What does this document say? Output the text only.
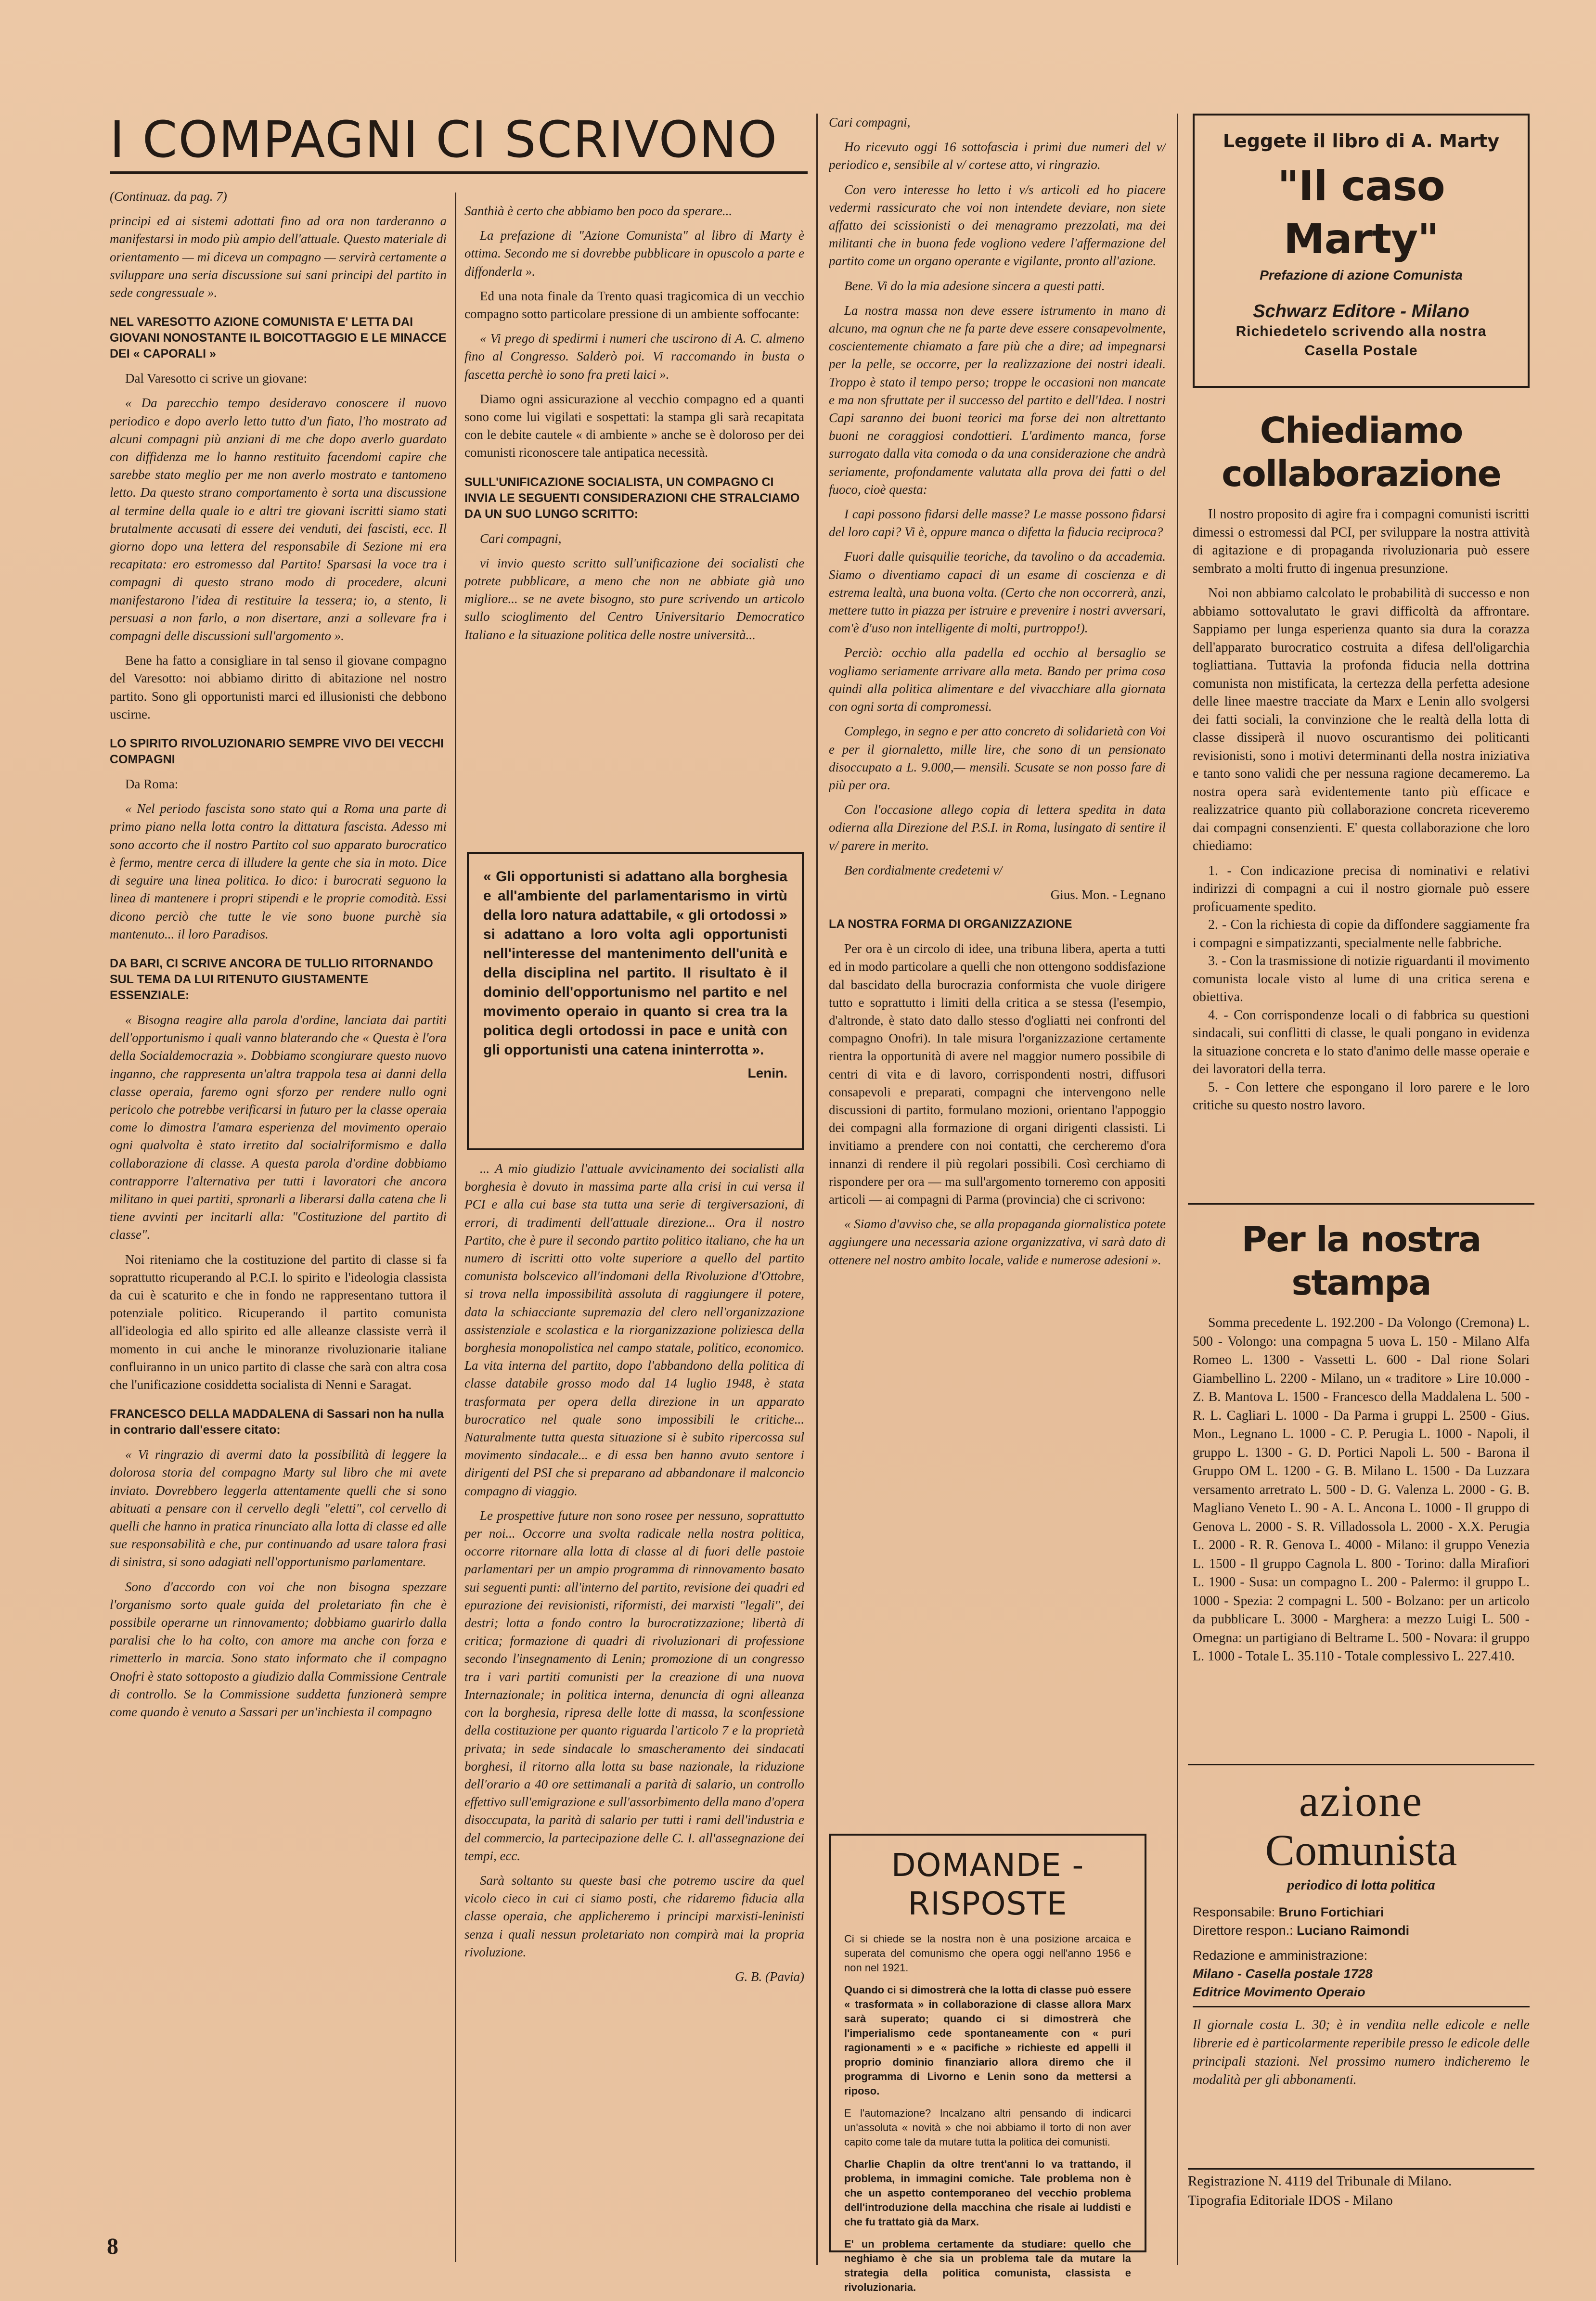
I COMPAGNI CI SCRIVONO

(Continuaz. da pag. 7)

principi ed ai sistemi adottati fino ad ora non tarderanno a manifestarsi in modo più ampio dell'attuale. Questo materiale di orientamento — mi diceva un compagno — servirà certamente a sviluppare una seria discussione sui sani principi del partito in sede congressuale ».

NEL VARESOTTO AZIONE COMUNISTA E' LETTA DAI GIOVANI NONOSTANTE IL BOICOTTAGGIO E LE MINACCE DEI « CAPORALI »

Dal Varesotto ci scrive un giovane:

« Da parecchio tempo desideravo conoscere il nuovo periodico e dopo averlo letto tutto d'un fiato, l'ho mostrato ad alcuni compagni più anziani di me che dopo averlo guardato con diffidenza me lo hanno restituito facendomi capire che sarebbe stato meglio per me non averlo mostrato e tantomeno letto. Da questo strano comportamento è sorta una discussione al termine della quale io e altri tre giovani iscritti siamo stati brutalmente accusati di essere dei venduti, dei fascisti, ecc. Il giorno dopo una lettera del responsabile di Sezione mi era recapitata: ero estromesso dal Partito! Sparsasi la voce tra i compagni di questo strano modo di procedere, alcuni manifestarono l'idea di restituire la tessera; io, a stento, li persuasi a non farlo, a non disertare, anzi a sollevare fra i compagni delle discussioni sull'argomento ».

Bene ha fatto a consigliare in tal senso il giovane compagno del Varesotto: noi abbiamo diritto di abitazione nel nostro partito. Sono gli opportunisti marci ed illusionisti che debbono uscirne.

LO SPIRITO RIVOLUZIONARIO SEMPRE VIVO DEI VECCHI COMPAGNI

Da Roma:

« Nel periodo fascista sono stato qui a Roma una parte di primo piano nella lotta contro la dittatura fascista. Adesso mi sono accorto che il nostro Partito col suo apparato burocratico è fermo, mentre cerca di illudere la gente che sia in moto. Dice di seguire una linea politica. Io dico: i burocrati seguono la linea di mantenere i propri stipendi e le proprie comodità. Essi dicono perciò che tutte le vie sono buone purchè sia mantenuto... il loro Paradisos.

DA BARI, CI SCRIVE ANCORA DE TULLIO RITORNANDO SUL TEMA DA LUI RITENUTO GIUSTAMENTE ESSENZIALE:

« Bisogna reagire alla parola d'ordine, lanciata dai partiti dell'opportunismo i quali vanno blaterando che « Questa è l'ora della Socialdemocrazia ». Dobbiamo scongiurare questo nuovo inganno, che rappresenta un'altra trappola tesa ai danni della classe operaia, faremo ogni sforzo per rendere nullo ogni pericolo che potrebbe verificarsi in futuro per la classe operaia come lo dimostra l'amara esperienza del movimento operaio ogni qualvolta è stato irretito dal socialriformismo e dalla collaborazione di classe. A questa parola d'ordine dobbiamo contrapporre l'alternativa per tutti i lavoratori che ancora militano in quei partiti, spronarli a liberarsi dalla catena che li tiene avvinti per incitarli alla: "Costituzione del partito di classe".

Noi riteniamo che la costituzione del partito di classe si fa soprattutto ricuperando al P.C.I. lo spirito e l'ideologia classista da cui è scaturito e che in fondo ne rappresentano tuttora il potenziale politico. Ricuperando il partito comunista all'ideologia ed allo spirito ed alle alleanze classiste verrà il momento in cui anche le minoranze rivoluzionarie italiane confluiranno in un unico partito di classe che sarà con altra cosa che l'unificazione cosiddetta socialista di Nenni e Saragat.

FRANCESCO DELLA MADDALENA di Sassari non ha nulla in contrario dall'essere citato:

« Vi ringrazio di avermi dato la possibilità di leggere la dolorosa storia del compagno Marty sul libro che mi avete inviato. Dovrebbero leggerla attentamente quelli che si sono abituati a pensare con il cervello degli "eletti", col cervello di quelli che hanno in pratica rinunciato alla lotta di classe ed alle sue responsabilità e che, pur continuando ad usare talora frasi di sinistra, si sono adagiati nell'opportunismo parlamentare.

Sono d'accordo con voi che non bisogna spezzare l'organismo sorto quale guida del proletariato fin che è possibile operarne un rinnovamento; dobbiamo guarirlo dalla paralisi che lo ha colto, con amore ma anche con forza e rimetterlo in marcia. Sono stato informato che il compagno Onofri è stato sottoposto a giudizio dalla Commissione Centrale di controllo. Se la Commissione suddetta funzionerà sempre come quando è venuto a Sassari per un'inchiesta il compagno

Santhià è certo che abbiamo ben poco da sperare...

La prefazione di "Azione Comunista" al libro di Marty è ottima. Secondo me si dovrebbe pubblicare in opuscolo a parte e diffonderla ».

Ed una nota finale da Trento quasi tragicomica di un vecchio compagno sotto particolare pressione di un ambiente soffocante:

« Vi prego di spedirmi i numeri che uscirono di A. C. almeno fino al Congresso. Salderò poi. Vi raccomando in busta o fascetta perchè io sono fra preti laici ».

Diamo ogni assicurazione al vecchio compagno ed a quanti sono come lui vigilati e sospettati: la stampa gli sarà recapitata con le debite cautele « di ambiente » anche se è doloroso per dei comunisti riconoscere tale antipatica necessità.

SULL'UNIFICAZIONE SOCIALISTA, UN COMPAGNO CI INVIA LE SEGUENTI CONSIDERAZIONI CHE STRALCIAMO DA UN SUO LUNGO SCRITTO:

Cari compagni,

vi invio questo scritto sull'unificazione dei socialisti che potrete pubblicare, a meno che non ne abbiate già uno migliore... se ne avete bisogno, sto pure scrivendo un articolo sullo scioglimento del Centro Universitario Democratico Italiano e la situazione politica delle nostre università...

« Gli opportunisti si adattano alla borghesia e all'ambiente del parlamentarismo in virtù della loro natura adattabile, « gli ortodossi » si adattano a loro volta agli opportunisti nell'interesse del mantenimento dell'unità e della disciplina nel partito. Il risultato è il dominio dell'opportunismo nel partito e nel movimento operaio in quanto si crea tra la politica degli ortodossi in pace e unità con gli opportunisti una catena ininterrotta ».
Lenin.

... A mio giudizio l'attuale avvicinamento dei socialisti alla borghesia è dovuto in massima parte alla crisi in cui versa il PCI e alla cui base sta tutta una serie di tergiversazioni, di errori, di tradimenti dell'attuale direzione... Ora il nostro Partito, che è pure il secondo partito politico italiano, che ha un numero di iscritti otto volte superiore a quello del partito comunista bolscevico all'indomani della Rivoluzione d'Ottobre, si trova nella impossibilità assoluta di raggiungere il potere, data la schiacciante supremazia del clero nell'organizzazione assistenziale e scolastica e la riorganizzazione poliziesca della borghesia monopolistica nel campo statale, politico, economico. La vita interna del partito, dopo l'abbandono della politica di classe databile grosso modo dal 14 luglio 1948, è stata trasformata per opera della direzione in un apparato burocratico nel quale sono impossibili le critiche... Naturalmente tutta questa situazione si è subito ripercossa sul movimento sindacale... e di essa ben hanno avuto sentore i dirigenti del PSI che si preparano ad abbandonare il malconcio compagno di viaggio.

Le prospettive future non sono rosee per nessuno, soprattutto per noi... Occorre una svolta radicale nella nostra politica, occorre ritornare alla lotta di classe al di fuori delle pastoie parlamentari per un ampio programma di rinnovamento basato sui seguenti punti: all'interno del partito, revisione dei quadri ed epurazione dei revisionisti, riformisti, dei marxisti "legali", dei destri; lotta a fondo contro la burocratizzazione; libertà di critica; formazione di quadri di rivoluzionari di professione secondo l'insegnamento di Lenin; promozione di un congresso tra i vari partiti comunisti per la creazione di una nuova Internazionale; in politica interna, denuncia di ogni alleanza con la borghesia, ripresa delle lotte di massa, la sconfessione della costituzione per quanto riguarda l'articolo 7 e la proprietà privata; in sede sindacale lo smascheramento dei sindacati borghesi, il ritorno alla lotta su base nazionale, la riduzione dell'orario a 40 ore settimanali a parità di salario, un controllo effettivo sull'emigrazione e sull'assorbimento della mano d'opera disoccupata, la parità di salario per tutti i rami dell'industria e del commercio, la partecipazione delle C. I. all'assegnazione dei tempi, ecc.

Sarà soltanto su queste basi che potremo uscire da quel vicolo cieco in cui ci siamo posti, che ridaremo fiducia alla classe operaia, che applicheremo i principi marxisti-leninisti senza i quali nessun proletariato non compirà mai la propria rivoluzione.

G. B. (Pavia)

Cari compagni,

Ho ricevuto oggi 16 sottofascia i primi due numeri del v/ periodico e, sensibile al v/ cortese atto, vi ringrazio.

Con vero interesse ho letto i v/s articoli ed ho piacere vedermi rassicurato che voi non intendete deviare, non siete affatto dei scissionisti o dei menagramo prezzolati, ma dei militanti che in buona fede vogliono vedere l'affermazione del partito come un organo operante e vigilante, pronto all'azione.

Bene. Vi do la mia adesione sincera a questi patti.

La nostra massa non deve essere istrumento in mano di alcuno, ma ognun che ne fa parte deve essere consapevolmente, coscientemente chiamato a fare più che a dire; ad impegnarsi per la pelle, se occorre, per la realizzazione dei nostri ideali. Troppo è stato il tempo perso; troppe le occasioni non mancate e ma non sfruttate per il successo del partito e dell'Idea. I nostri Capi saranno dei buoni teorici ma forse dei non altrettanto buoni ne coraggiosi condottieri. L'ardimento manca, forse surrogato dalla vita comoda o da una considerazione che andrà seriamente, profondamente valutata alla prova dei fatti o del fuoco, cioè questa:

I capi possono fidarsi delle masse? Le masse possono fidarsi del loro capi? Vi è, oppure manca o difetta la fiducia reciproca?

Fuori dalle quisquilie teoriche, da tavolino o da accademia. Siamo o diventiamo capaci di un esame di coscienza e di estrema lealtà, una buona volta. (Certo che non occorrerà, anzi, mettere tutto in piazza per istruire e prevenire i nostri avversari, com'è d'uso non intelligente di molti, purtroppo!).

Perciò: occhio alla padella ed occhio al bersaglio se vogliamo seriamente arrivare alla meta. Bando per prima cosa quindi alla politica alimentare e del vivacchiare alla giornata con ogni sorta di compromessi.

Complego, in segno e per atto concreto di solidarietà con Voi e per il giornaletto, mille lire, che sono di un pensionato disoccupato a L. 9.000,— mensili. Scusate se non posso fare di più per ora.

Con l'occasione allego copia di lettera spedita in data odierna alla Direzione del P.S.I. in Roma, lusingato di sentire il v/ parere in merito.

Ben cordialmente credetemi v/

Gius. Mon. - Legnano

LA NOSTRA FORMA DI ORGANIZZAZIONE

Per ora è un circolo di idee, una tribuna libera, aperta a tutti ed in modo particolare a quelli che non ottengono soddisfazione dal bascidato della burocrazia conformista che vuole dirigere tutto e soprattutto i limiti della critica a se stessa (l'esempio, d'altronde, è stato dato dallo stesso d'ogliatti nei confronti del compagno Onofri). In tale misura l'organizzazione certamente rientra la opportunità di avere nel maggior numero possibile di centri di vita e di lavoro, corrispondenti nostri, diffusori consapevoli e preparati, compagni che intervengono nelle discussioni di partito, formulano mozioni, orientano l'appoggio dei compagni alla formazione di organi dirigenti classisti. Li invitiamo a prendere con noi contatti, che cercheremo d'ora innanzi di rendere il più regolari possibili. Così cerchiamo di rispondere per ora — ma sull'argomento torneremo con appositi articoli — ai compagni di Parma (provincia) che ci scrivono:

« Siamo d'avviso che, se alla propaganda giornalistica potete aggiungere una necessaria azione organizzativa, vi sarà dato di ottenere nel nostro ambito locale, valide e numerose adesioni ».

DOMANDE - RISPOSTE

Ci si chiede se la nostra non è una posizione arcaica e superata del comunismo che opera oggi nell'anno 1956 e non nel 1921.

Quando ci si dimostrerà che la lotta di classe può essere « trasformata » in collaborazione di classe allora Marx sarà superato; quando ci si dimostrerà che l'imperialismo cede spontaneamente con « puri ragionamenti » e « pacifiche » richieste ed appelli il proprio dominio finanziario allora diremo che il programma di Livorno e Lenin sono da mettersi a riposo.

E l'automazione? Incalzano altri pensando di indicarci un'assoluta « novità » che noi abbiamo il torto di non aver capito come tale da mutare tutta la politica dei comunisti.

Charlie Chaplin da oltre trent'anni lo va trattando, il problema, in immagini comiche. Tale problema non è che un aspetto contemporaneo del vecchio problema dell'introduzione della macchina che risale ai luddisti e che fu trattato già da Marx.

E' un problema certamente da studiare: quello che neghiamo è che sia un problema tale da mutare la strategia della politica comunista, classista e rivoluzionaria.

Leggete il libro di A. Marty
"Il caso Marty"
Prefazione di azione Comunista
Schwarz Editore - Milano
Richiedetelo scrivendo alla nostra Casella Postale
Chiediamo collaborazione

Il nostro proposito di agire fra i compagni comunisti iscritti dimessi o estromessi dal PCI, per sviluppare la nostra attività di agitazione e di propaganda rivoluzionaria può essere sembrato a molti frutto di ingenua presunzione.

Noi non abbiamo calcolato le probabilità di successo e non abbiamo sottovalutato le gravi difficoltà da affrontare. Sappiamo per lunga esperienza quanto sia dura la corazza dell'apparato burocratico costruita a difesa dell'oligarchia togliattiana. Tuttavia la profonda fiducia nella dottrina comunista non mistificata, la certezza della perfetta adesione delle linee maestre tracciate da Marx e Lenin allo svolgersi dei fatti sociali, la convinzione che le realtà della lotta di classe dissiperà il nuovo oscurantismo dei politicanti revisionisti, sono i motivi determinanti della nostra iniziativa e tanto sono validi che per nessuna ragione decameremo. La nostra opera sarà evidentemente tanto più efficace e realizzatrice quanto più collaborazione concreta riceveremo dai compagni consenzienti. E' questa collaborazione che loro chiediamo:

1. - Con indicazione precisa di nominativi e relativi indirizzi di compagni a cui il nostro giornale può essere proficuamente spedito.

2. - Con la richiesta di copie da diffondere saggiamente fra i compagni e simpatizzanti, specialmente nelle fabbriche.

3. - Con la trasmissione di notizie riguardanti il movimento comunista locale visto al lume di una critica serena e obiettiva.

4. - Con corrispondenze locali o di fabbrica su questioni sindacali, sui conflitti di classe, le quali pongano in evidenza la situazione concreta e lo stato d'animo delle masse operaie e dei lavoratori della terra.

5. - Con lettere che espongano il loro parere e le loro critiche su questo nostro lavoro.

Per la nostra stampa

Somma precedente L. 192.200 - Da Volongo (Cremona) L. 500 - Volongo: una compagna 5 uova L. 150 - Milano Alfa Romeo L. 1300 - Vassetti L. 600 - Dal rione Solari Giambellino L. 2200 - Milano, un « traditore » Lire 10.000 - Z. B. Mantova L. 1500 - Francesco della Maddalena L. 500 - R. L. Cagliari L. 1000 - Da Parma i gruppi L. 2500 - Gius. Mon., Legnano L. 1000 - C. P. Perugia L. 1000 - Napoli, il gruppo L. 1300 - G. D. Portici Napoli L. 500 - Barona il Gruppo OM L. 1200 - G. B. Milano L. 1500 - Da Luzzara versamento arretrato L. 500 - D. G. Valenza L. 2000 - G. B. Magliano Veneto L. 90 - A. L. Ancona L. 1000 - Il gruppo di Genova L. 2000 - S. R. Villadossola L. 2000 - X.X. Perugia L. 2000 - R. R. Genova L. 4000 - Milano: il gruppo Venezia L. 1500 - Il gruppo Cagnola L. 800 - Torino: dalla Mirafiori L. 1900 - Susa: un compagno L. 200 - Palermo: il gruppo L. 1000 - Spezia: 2 compagni L. 500 - Bolzano: per un articolo da pubblicare L. 3000 - Marghera: a mezzo Luigi L. 500 - Omegna: un partigiano di Beltrame L. 500 - Novara: il gruppo L. 1000 - Totale L. 35.110 - Totale complessivo L. 227.410.

azione
Comunista
periodico di lotta politica
Responsabile: Bruno Fortichiari
Direttore respon.: Luciano Raimondi
Redazione e amministrazione:
Milano - Casella postale 1728
Editrice Movimento Operaio
Il giornale costa L. 30; è in vendita nelle edicole e nelle librerie ed è particolarmente reperibile presso le edicole delle principali stazioni. Nel prossimo numero indicheremo le modalità per gli abbonamenti.
Registrazione N. 4119 del Tribunale di Milano.
Tipografia Editoriale IDOS - Milano
8
